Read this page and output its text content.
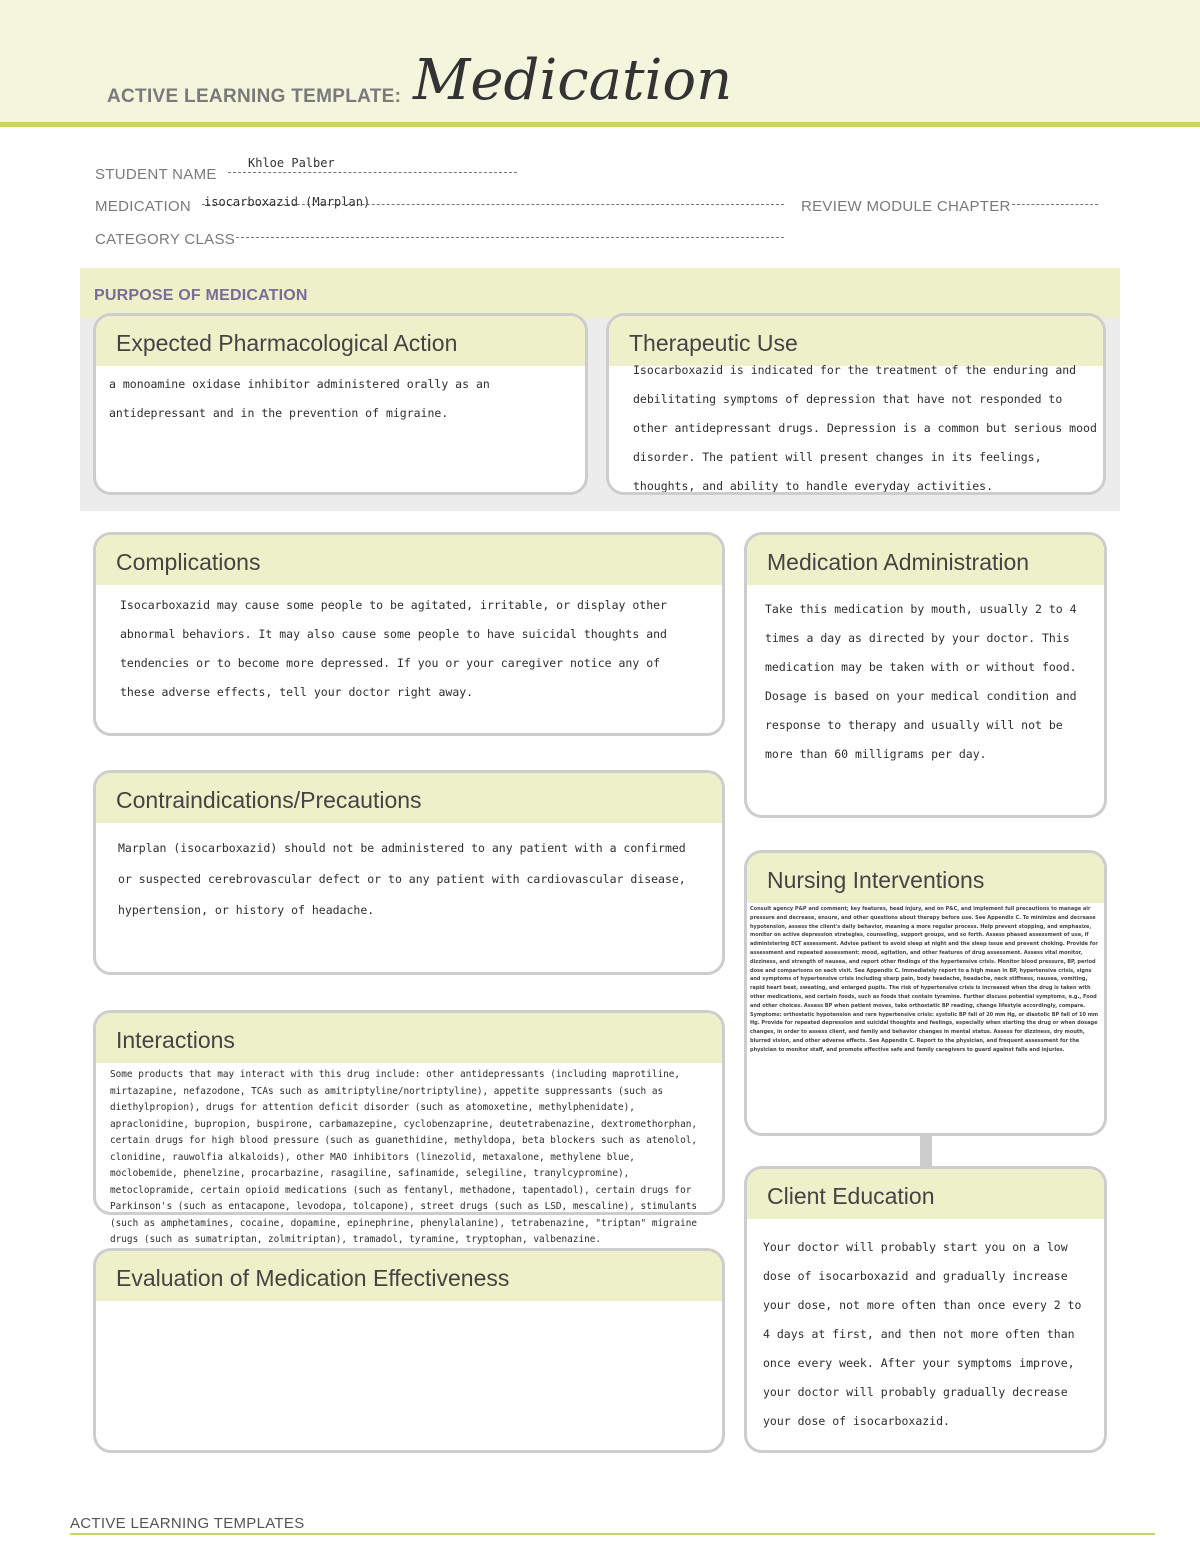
ACTIVE LEARNING TEMPLATE: Medication
STUDENT NAME
Khloe Palber
MEDICATION isocarboxazid (Marplan)	REVIEW MODULE CHAPTER
CATEGORY CLASS
PURPOSE OF MEDICATION
Expected Pharmacological Action
a monoamine oxidase inhibitor administered orally as an antidepressant and in the prevention of migraine.
Therapeutic Use
Isocarboxazid is indicated for the treatment of the enduring and debilitating symptoms of depression that have not responded to other antidepressant drugs. Depression is a common but serious mood disorder. The patient will present changes in its feelings, thoughts, and ability to handle everyday activities.
Complications
Isocarboxazid may cause some people to be agitated, irritable, or display other abnormal behaviors. It may also cause some people to have suicidal thoughts and tendencies or to become more depressed. If you or your caregiver notice any of these adverse effects, tell your doctor right away.
Medication Administration
Take this medication by mouth, usually 2 to 4 times a day as directed by your doctor. This medication may be taken with or without food. Dosage is based on your medical condition and response to therapy and usually will not be more than 60 milligrams per day.
Contraindications/Precautions
Marplan (isocarboxazid) should not be administered to any patient with a confirmed or suspected cerebrovascular defect or to any patient with cardiovascular disease, hypertension, or history of headache.
Nursing Interventions
Consult agency P&P and comment; key features, head injury, and on P&C, and implement full precautions to manage air pressure and decrease, ensure, and other questions about therapy before use. See Appendix C. To minimize and decrease hypotension, assess the client's daily behavior, meaning a more regular process. Help prevent stopping, and emphasize, monitor on active depression strategies, counseling, support groups, and so forth. Assess phased assessment of use, if administering ECT assessment. Advise patient to avoid sleep at night and the sleep issue and prevent choking. Provide for assessment and repeated assessment: mood, agitation, and other features of drug assessment. Assess vital monitor, dizziness, and strength of nausea, and report other findings of the hypertensive crisis. Monitor blood pressure, BP, period dose and comparisons on each visit. See Appendix C. Immediately report to a high mean in BP, hypertensive crisis, signs and symptoms of hypertensive crisis including sharp pain, body headache, headache, neck stiffness, nausea, vomiting, rapid heart beat, sweating, and enlarged pupils. The risk of hypertensive crisis is increased when the drug is taken with other medications, and certain foods, such as foods that contain tyramine. Further discuss potential symptoms, e.g., Food and other choices. Assess BP when patient moves, take orthostatic BP reading, change lifestyle accordingly, compare. Symptoms: orthostatic hypotension and rare hypertensive crisis: systolic BP fall of 20 mm Hg, or diastolic BP fall of 10 mm Hg. Provide for repeated depression and suicidal thoughts and feelings, especially when starting the drug or when dosage changes, in order to assess client, and family and behavior changes in mental status. Assess for dizziness, dry mouth, blurred vision, and other adverse effects. See Appendix C. Report to the physician, and frequent assessment for the physician to monitor staff, and promote effective safe and family caregivers to guard against falls and injuries.
Interactions
Some products that may interact with this drug include: other antidepressants (including maprotiline, mirtazapine, nefazodone, TCAs such as amitriptyline/nortriptyline), appetite suppressants (such as diethylpropion), drugs for attention deficit disorder (such as atomoxetine, methylphenidate), apraclonidine, bupropion, buspirone, carbamazepine, cyclobenzaprine, deutetrabenazine, dextromethorphan, certain drugs for high blood pressure (such as guanethidine, methyldopa, beta blockers such as atenolol, clonidine, rauwolfia alkaloids), other MAO inhibitors (linezolid, metaxalone, methylene blue, moclobemide, phenelzine, procarbazine, rasagiline, safinamide, selegiline, tranylcypromine), metoclopramide, certain opioid medications (such as fentanyl, methadone, tapentadol), certain drugs for Parkinson's (such as entacapone, levodopa, tolcapone), street drugs (such as LSD, mescaline), stimulants (such as amphetamines, cocaine, dopamine, epinephrine, phenylalanine), tetrabenazine, "triptan" migraine drugs (such as sumatriptan, zolmitriptan), tramadol, tyramine, tryptophan, valbenazine.
Client Education
Your doctor will probably start you on a low dose of isocarboxazid and gradually increase your dose, not more often than once every 2 to 4 days at first, and then not more often than once every week. After your symptoms improve, your doctor will probably gradually decrease your dose of isocarboxazid.
Evaluation of Medication Effectiveness
ACTIVE LEARNING TEMPLATES
